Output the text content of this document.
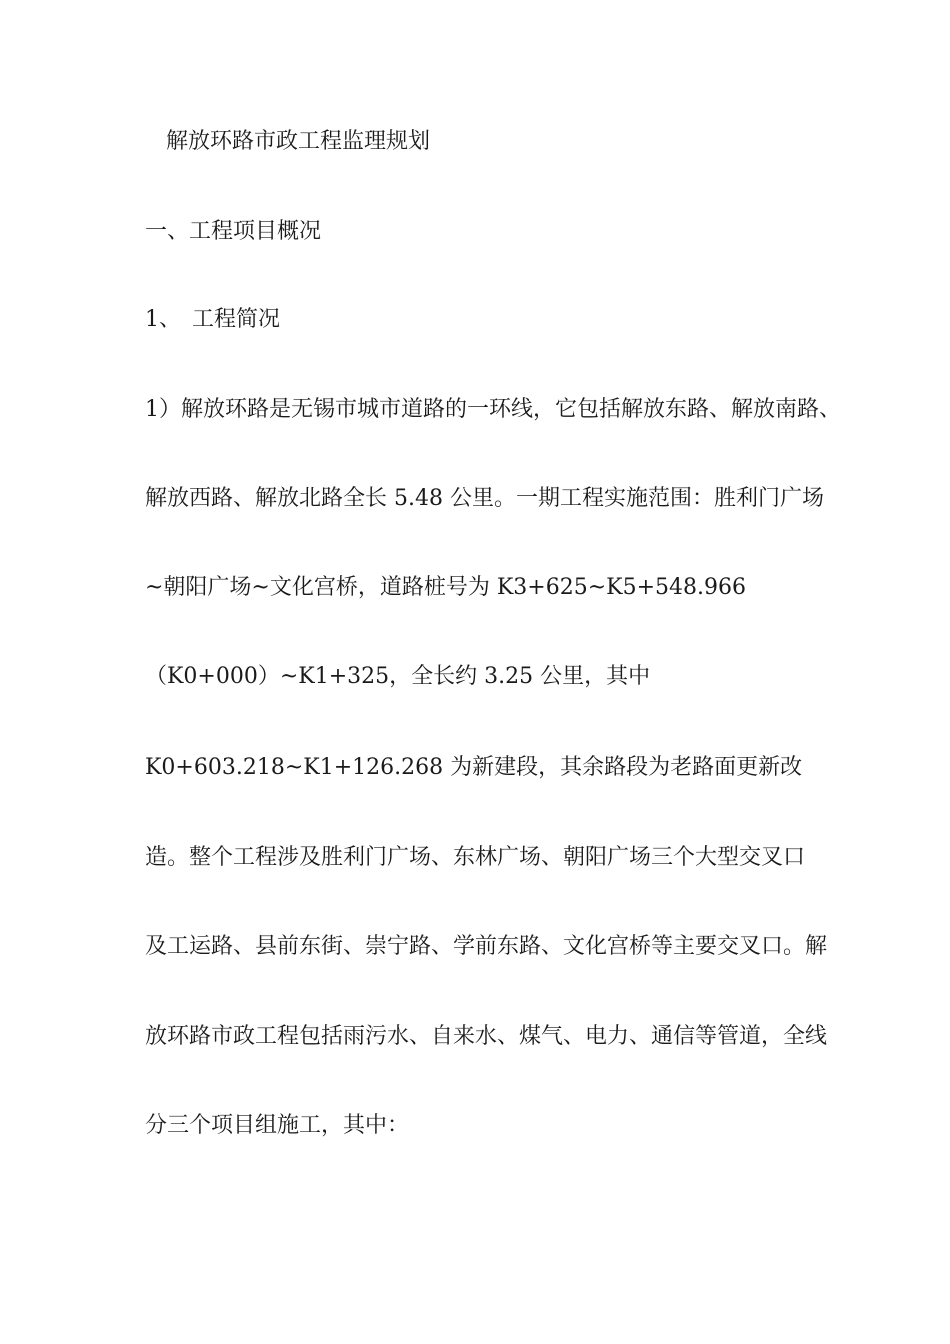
解放环路市政工程监理规划
一、工程项目概况
1、　工程简况
1）解放环路是无锡市城市道路的一环线，它包括解放东路、解放南路、
解放西路、解放北路全长 5.48 公里。一期工程实施范围：胜利门广场
~朝阳广场~文化宫桥，道路桩号为 K3+625~K5+548.966
（K0+000）~K1+325，全长约 3.25 公里，其中
K0+603.218~K1+126.268 为新建段，其余路段为老路面更新改
造。整个工程涉及胜利门广场、东林广场、朝阳广场三个大型交叉口
及工运路、县前东街、崇宁路、学前东路、文化宫桥等主要交叉口。解
放环路市政工程包括雨污水、自来水、煤气、电力、通信等管道，全线
分三个项目组施工，其中：
